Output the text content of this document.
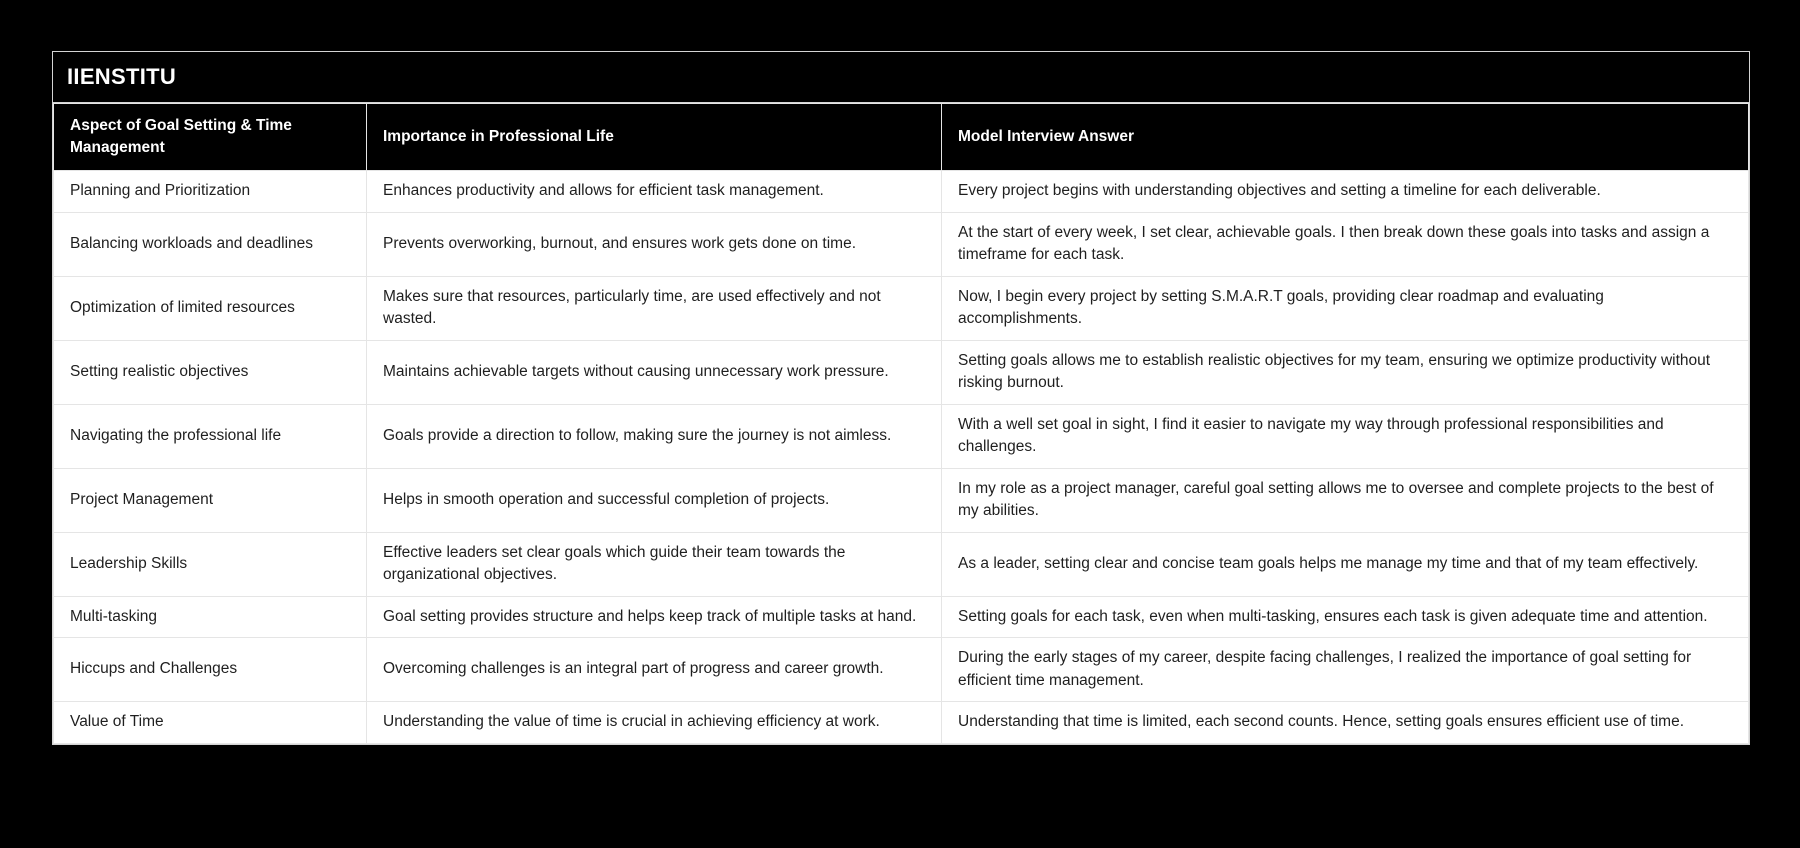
IIENSTITU
Aspect of Goal Setting & Time Management	Importance in Professional Life	Model Interview Answer
Planning and Prioritization	Enhances productivity and allows for efficient task management.	Every project begins with understanding objectives and setting a timeline for each deliverable.
Balancing workloads and deadlines	Prevents overworking, burnout, and ensures work gets done on time.	At the start of every week, I set clear, achievable goals. I then break down these goals into tasks and assign a timeframe for each task.
Optimization of limited resources	Makes sure that resources, particularly time, are used effectively and not wasted.	Now, I begin every project by setting S.M.A.R.T goals, providing clear roadmap and evaluating accomplishments.
Setting realistic objectives	Maintains achievable targets without causing unnecessary work pressure.	Setting goals allows me to establish realistic objectives for my team, ensuring we optimize productivity without risking burnout.
Navigating the professional life	Goals provide a direction to follow, making sure the journey is not aimless.	With a well set goal in sight, I find it easier to navigate my way through professional responsibilities and challenges.
Project Management	Helps in smooth operation and successful completion of projects.	In my role as a project manager, careful goal setting allows me to oversee and complete projects to the best of my abilities.
Leadership Skills	Effective leaders set clear goals which guide their team towards the organizational objectives.	As a leader, setting clear and concise team goals helps me manage my time and that of my team effectively.
Multi-tasking	Goal setting provides structure and helps keep track of multiple tasks at hand.	Setting goals for each task, even when multi-tasking, ensures each task is given adequate time and attention.
Hiccups and Challenges	Overcoming challenges is an integral part of progress and career growth.	During the early stages of my career, despite facing challenges, I realized the importance of goal setting for efficient time management.
Value of Time	Understanding the value of time is crucial in achieving efficiency at work.	Understanding that time is limited, each second counts. Hence, setting goals ensures efficient use of time.
